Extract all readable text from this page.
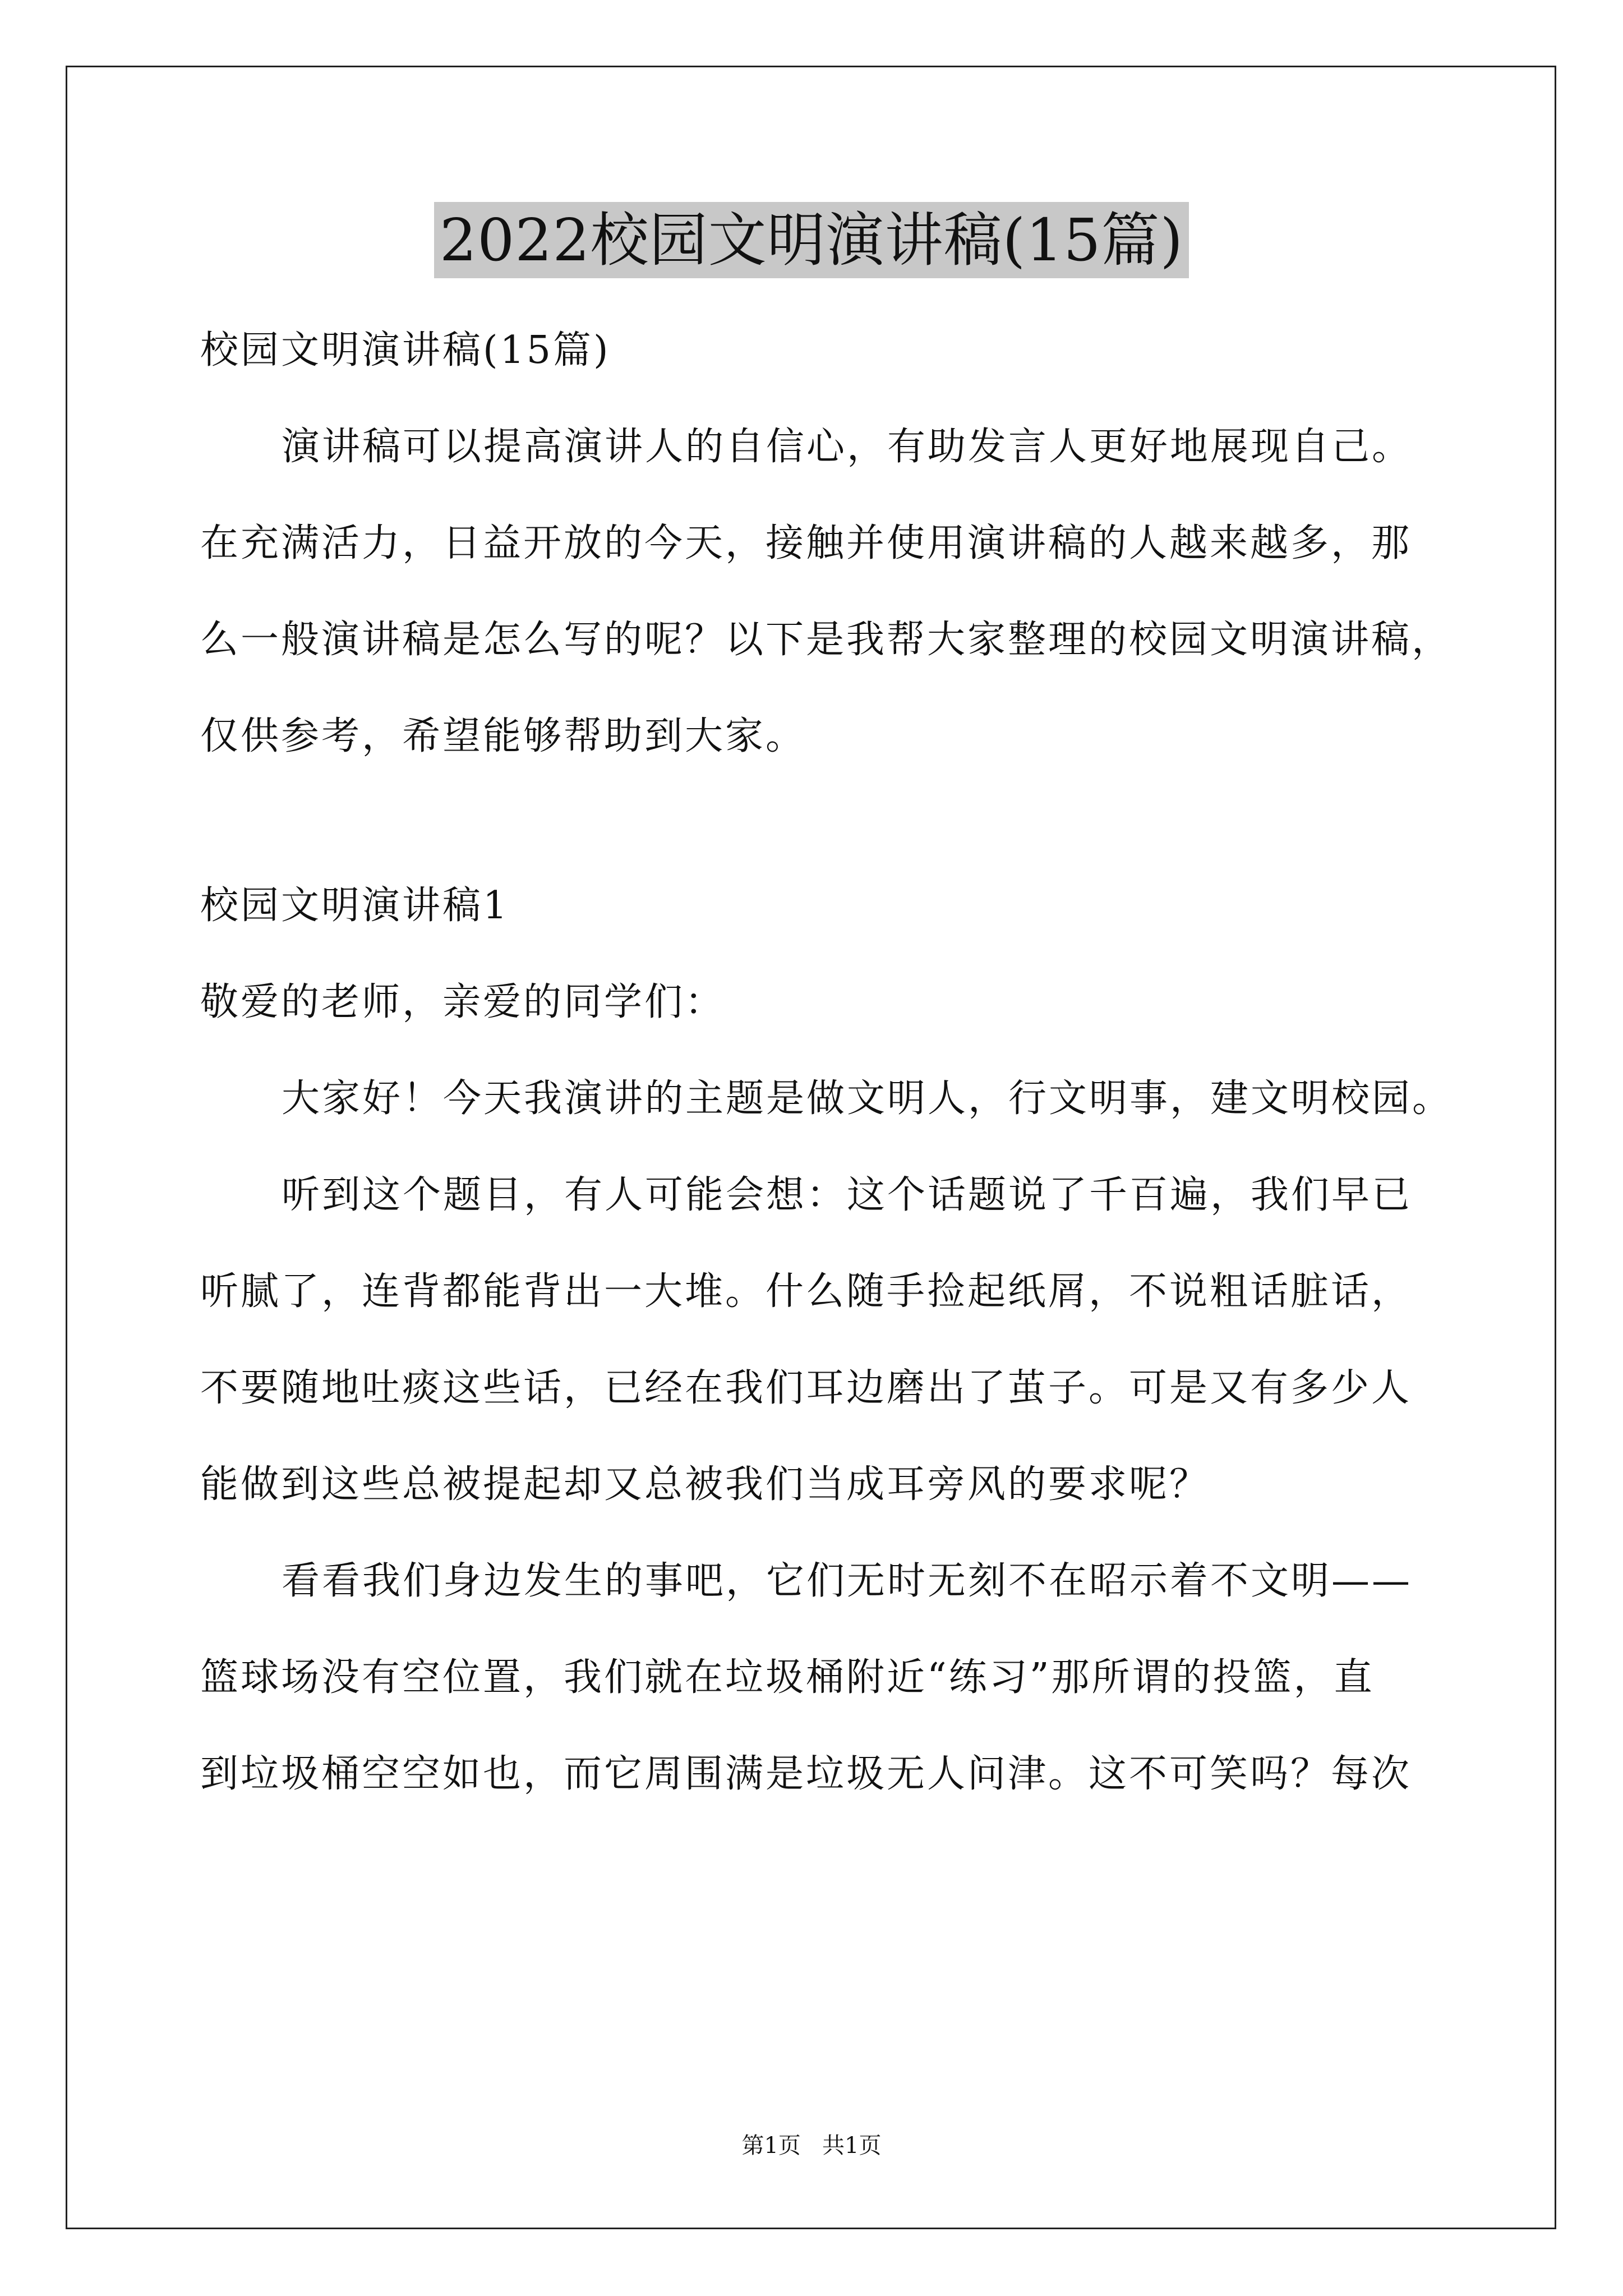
2022校园文明演讲稿(15篇)
校园文明演讲稿(15篇)
演讲稿可以提高演讲人的自信心，有助发言人更好地展现自己。
在充满活力，日益开放的今天，接触并使用演讲稿的人越来越多，那
么一般演讲稿是怎么写的呢？以下是我帮大家整理的校园文明演讲稿，
仅供参考，希望能够帮助到大家。
校园文明演讲稿1
敬爱的老师，亲爱的同学们：
大家好！今天我演讲的主题是做文明人，行文明事，建文明校园。
听到这个题目，有人可能会想：这个话题说了千百遍，我们早已
听腻了，连背都能背出一大堆。什么随手捡起纸屑，不说粗话脏话，
不要随地吐痰这些话，已经在我们耳边磨出了茧子。可是又有多少人
能做到这些总被提起却又总被我们当成耳旁风的要求呢？
看看我们身边发生的事吧，它们无时无刻不在昭示着不文明——
篮球场没有空位置，我们就在垃圾桶附近“练习”那所谓的投篮，直
到垃圾桶空空如也，而它周围满是垃圾无人问津。这不可笑吗？每次
第1页   共1页
